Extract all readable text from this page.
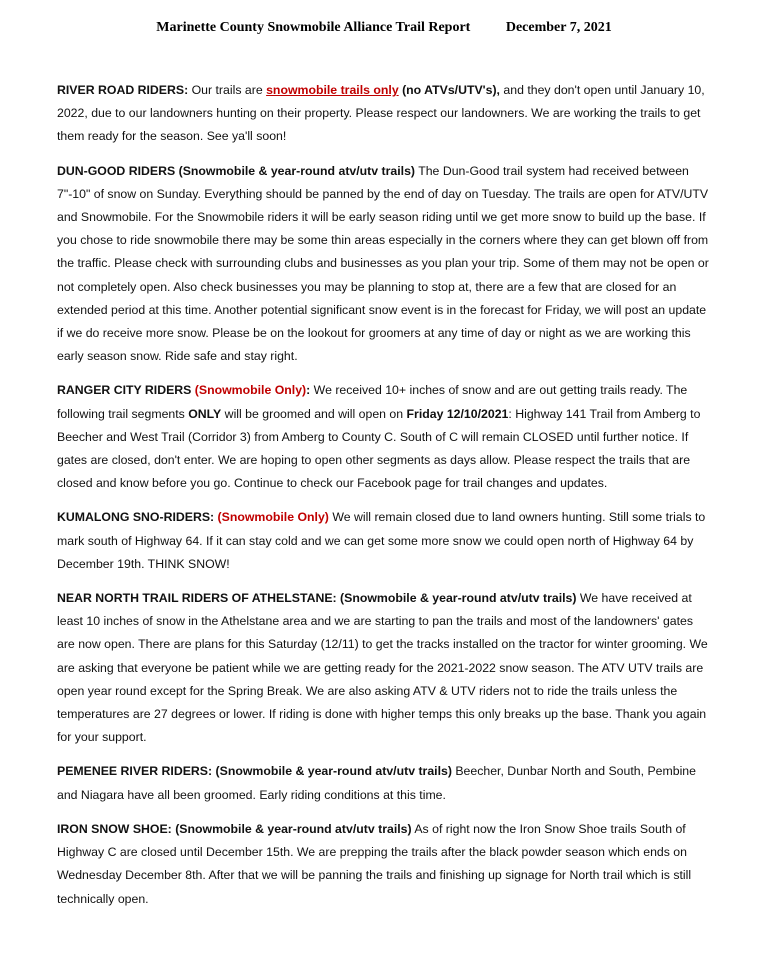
Marinette County Snowmobile Alliance Trail Report	December 7, 2021

RIVER ROAD RIDERS: Our trails are snowmobile trails only (no ATVs/UTV's), and they don't open until January 10, 2022, due to our landowners hunting on their property. Please respect our landowners. We are working the trails to get them ready for the season. See ya'll soon!

DUN-GOOD RIDERS (Snowmobile & year-round atv/utv trails) The Dun-Good trail system had received between 7"-10" of snow on Sunday. Everything should be panned by the end of day on Tuesday. The trails are open for ATV/UTV and Snowmobile. For the Snowmobile riders it will be early season riding until we get more snow to build up the base. If you chose to ride snowmobile there may be some thin areas especially in the corners where they can get blown off from the traffic. Please check with surrounding clubs and businesses as you plan your trip. Some of them may not be open or not completely open. Also check businesses you may be planning to stop at, there are a few that are closed for an extended period at this time. Another potential significant snow event is in the forecast for Friday, we will post an update if we do receive more snow. Please be on the lookout for groomers at any time of day or night as we are working this early season snow. Ride safe and stay right.

RANGER CITY RIDERS (Snowmobile Only): We received 10+ inches of snow and are out getting trails ready. The following trail segments ONLY will be groomed and will open on Friday 12/10/2021: Highway 141 Trail from Amberg to Beecher and West Trail (Corridor 3) from Amberg to County C. South of C will remain CLOSED until further notice. If gates are closed, don't enter. We are hoping to open other segments as days allow. Please respect the trails that are closed and know before you go. Continue to check our Facebook page for trail changes and updates.

KUMALONG SNO-RIDERS: (Snowmobile Only) We will remain closed due to land owners hunting. Still some trials to mark south of Highway 64. If it can stay cold and we can get some more snow we could open north of Highway 64 by December 19th. THINK SNOW!

NEAR NORTH TRAIL RIDERS OF ATHELSTANE: (Snowmobile & year-round atv/utv trails) We have received at least 10 inches of snow in the Athelstane area and we are starting to pan the trails and most of the landowners' gates are now open. There are plans for this Saturday (12/11) to get the tracks installed on the tractor for winter grooming. We are asking that everyone be patient while we are getting ready for the 2021-2022 snow season. The ATV UTV trails are open year round except for the Spring Break. We are also asking ATV & UTV riders not to ride the trails unless the temperatures are 27 degrees or lower. If riding is done with higher temps this only breaks up the base. Thank you again for your support.

PEMENEE RIVER RIDERS: (Snowmobile & year-round atv/utv trails) Beecher, Dunbar North and South, Pembine and Niagara have all been groomed. Early riding conditions at this time.

IRON SNOW SHOE: (Snowmobile & year-round atv/utv trails) As of right now the Iron Snow Shoe trails South of Highway C are closed until December 15th. We are prepping the trails after the black powder season which ends on Wednesday December 8th. After that we will be panning the trails and finishing up signage for North trail which is still technically open.
